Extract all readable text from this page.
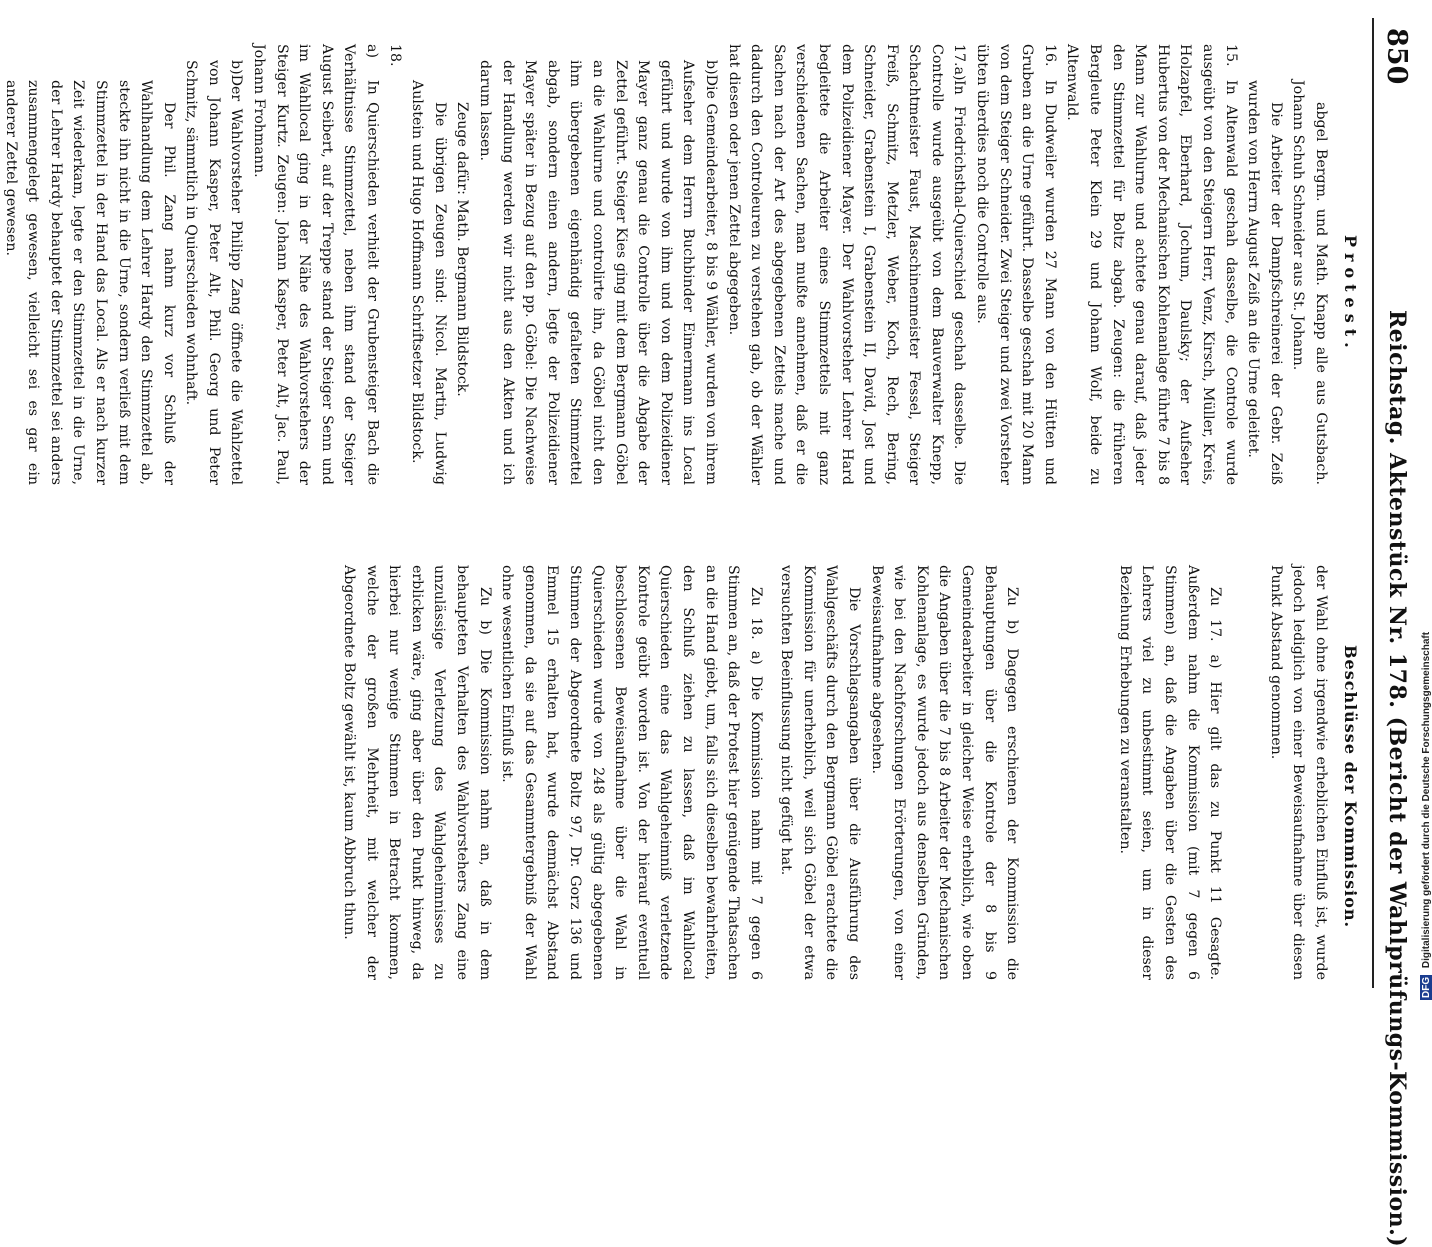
850
Reichstag. Aktenstück Nr. 178. (Bericht der Wahlprüfungs-Kommission.)
Protest.
Beschlüsse der Kommission.

abgel Bergm. und Math. Knapp alle aus Gutsbach. Johann Schuh Schneider aus St. Johann.

Die Arbeiter der Dampfschreinerei der Gebr. Zeiß wurden von Herrn August Zeiß an die Urne geleitet.

15.In Altenwald geschah dasselbe, die Controle wurde ausgeübt von den Steigern Herr, Venz, Kirsch, Müller, Kreis, Holzapfel, Eberhard, Jochum, Daulsky; der Aufseher Hubertus von der Mechanischen Kohlenanlage führte 7 bis 8 Mann zur Wahlurne und achtete genau darauf, daß jeder den Stimmzettel für Boltz abgab. Zeugen: die früheren Bergleute Peter Klein 29 und Johann Wolf, beide zu Altenwald.

16.In Dudweiler wurden 27 Mann von den Hütten und Gruben an die Urne geführt. Dasselbe geschah mit 20 Mann von dem Steiger Schneider. Zwei Steiger und zwei Vorsteher übten überdies noch die Controlle aus.

17.a)In Friedrichsthal-Quierschied geschah dasselbe. Die Controlle wurde ausgeübt von dem Bauverwalter Knepp, Schachtmeister Faust, Maschinenmeister Fessel, Steiger Freiß, Schmitz, Metzler, Weber, Koch, Rech, Bering, Schneider, Grabenstein I, Grabenstein II, David, Jost und dem Polizeidiener Mayer. Der Wahlvorsteher Lehrer Hard begleitete die Arbeiter eines Stimmzettels mit ganz verschiedenen Sachen, man mußte annehmen, daß er die Sachen nach der Art des abgegebenen Zettels mache und dadurch den Controleuren zu verstehen gab, ob der Wähler hat diesen oder jenen Zettel abgegeben.

b)Die Gemeindearbeiter, 8 bis 9 Wähler, wurden von ihrem Aufseher dem Herrn Buchbinder Eimermann ins Local geführt und wurde von ihm und von dem Polizeidiener Mayer ganz genau die Controlle über die Abgabe der Zettel geführt. Steiger Kies ging mit dem Bergmann Göbel an die Wahlurne und controlirte ihn, da Göbel nicht den ihm übergebenen eigenhändig gefalteten Stimmzettel abgab, sondern einen andern, legte der Polizeidiener Mayer später in Bezug auf den pp. Göbel: Die Nachweise der Handlung werden wir nicht aus den Akten und ich darum lassen.

Zeuge dafür: Math. Bergmann Bildstock.

Die übrigen Zeugen sind: Nicol. Martin, Ludwig Aulstein und Hugo Hoffmann Schriftsetzer Bildstock.

18. a)In Quierschieden verhielt der Grubensteiger Bach die Verhältnisse Stimmzettel, neben ihm stand der Steiger August Seibert, auf der Treppe stand der Steiger Senn und im Wahllocal ging in der Nähe des Wahlvorstehers der Steiger Kurtz. Zeugen: Johann Kasper, Peter Alt, Jac. Paul, Johann Frohmann.

b)Der Wahlvorsteher Philipp Zang öffnete die Wahlzettel von Johann Kasper, Peter Alt, Phil. Georg und Peter Schmitz, sämmtlich in Quierschieden wohnhaft.

Der Phil. Zang nahm kurz vor Schluß der Wahlhandlung dem Lehrer Hardy den Stimmzettel ab, steckte ihn nicht in die Urne, sondern verließ mit dem Stimmzettel in der Hand das Local. Als er nach kurzer Zeit wiederkam, legte er den Stimmzettel in die Urne, der Lehrer Hardy behauptet der Stimmzettel sei anders zusammengelegt gewesen, vielleicht sei es gar ein anderer Zettel gewesen.

der Wahl ohne irgendwie erheblichen Einfluß ist, wurde jedoch lediglich von einer Beweisaufnahme über diesen Punkt Abstand genommen.

Zu 17. a) Hier gilt das zu Punkt 11 Gesagte. Außerdem nahm die Kommission (mit 7 gegen 6 Stimmen) an, daß die Angaben über die Gesten des Lehrers viel zu unbestimmt seien, um in dieser Beziehung Erhebungen zu veranstalten.

Zu b) Dagegen erschienen der Kommission die Behauptungen über die Kontrole der 8 bis 9 Gemeindearbeiter in gleicher Weise erheblich, wie oben die Angaben über die 7 bis 8 Arbeiter der Mechanischen Kohlenanlage, es wurde jedoch aus denselben Gründen, wie bei den Nachforschungen Erörterungen, von einer Beweisaufnahme abgesehen.

Die Vorschlagsangaben über die Ausführung des Wahlgeschäfts durch den Bergmann Göbel erachtete die Kommission für unerheblich, weil sich Göbel der etwa versuchten Beeinflussung nicht gefügt hat.

Zu 18. a) Die Kommission nahm mit 7 gegen 6 Stimmen an, daß der Protest hier genügende Thatsachen an die Hand giebt, um, falls sich dieselben bewahrheiten, den Schluß ziehen zu lassen, daß im Wahllocal Quierschieden eine das Wahlgeheimniß verletzende Kontrole geübt worden ist. Von der hierauf eventuell beschlossenen Beweisaufnahme über die Wahl in Quierschieden wurde von 248 als gültig abgegebenen Stimmen der Abgeordnete Boltz 97, Dr. Gorz 136 und Emmel 15 erhalten hat, wurde demnächst Abstand genommen, da sie auf das Gesammtergebniß der Wahl ohne wesentlichen Einfluß ist.

Zu b) Die Kommission nahm an, daß in dem behaupteten Verhalten des Wahlvorstehers Zang eine unzulässige Verletzung des Wahlgeheimnisses zu erblicken wäre, ging aber über den Punkt hinweg, da hierbei nur wenige Stimmen in Betracht kommen, welche der großen Mehrheit, mit welcher der Abgeordnete Boltz gewählt ist, kaum Abbruch thun.

DFG Digitalisierung gefördert durch die Deutsche Forschungsgemeinschaft
